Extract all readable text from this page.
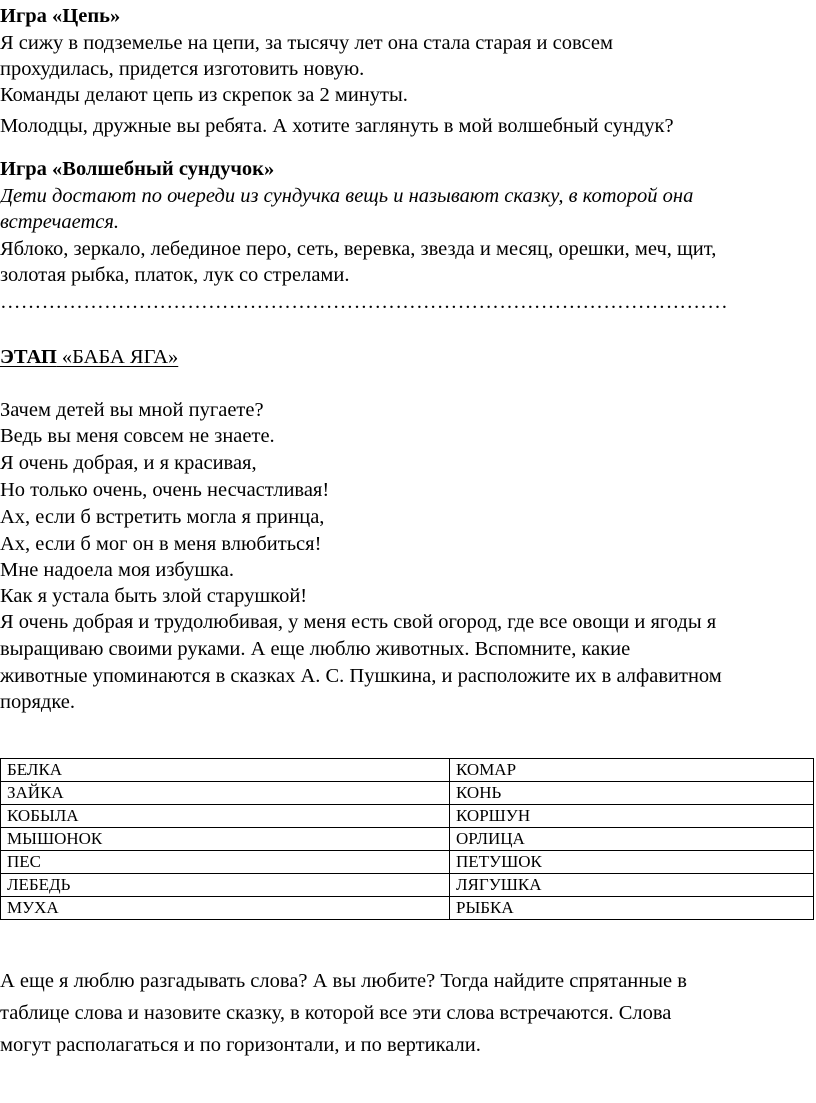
Игра «Цепь»
Я сижу в подземелье на цепи, за тысячу лет она стала старая и совсем
прохудилась, придется изготовить новую.
Команды делают цепь из скрепок за 2 минуты.
Молодцы, дружные вы ребята. А хотите заглянуть в мой волшебный сундук?
Игра «Волшебный сундучок»
Дети достают по очереди из сундучка вещь и называют сказку, в которой она
встречается.
Яблоко, зеркало, лебединое перо, сеть, веревка, звезда и месяц, орешки, меч, щит,
золотая рыбка, платок, лук со стрелами.
……………………………………………………………………………………………
ЭТАП «БАБА ЯГА»
Зачем детей вы мной пугаете?
Ведь вы меня совсем не знаете.
Я очень добрая, и я красивая,
Но только очень, очень несчастливая!
Ах, если б встретить могла я принца,
Ах, если б мог он в меня влюбиться!
Мне надоела моя избушка.
Как я устала быть злой старушкой!
Я очень добрая и трудолюбивая, у меня есть свой огород, где все овощи и ягоды я
выращиваю своими руками. А еще люблю животных. Вспомните, какие
животные упоминаются в сказках А. С. Пушкина, и расположите их в алфавитном
порядке.
БЕЛКА	КОМАР
ЗАЙКА	КОНЬ
КОБЫЛА	КОРШУН
МЫШОНОК	ОРЛИЦА
ПЕС	ПЕТУШОК
ЛЕБЕДЬ	ЛЯГУШКА
МУХА	РЫБКА
А еще я люблю разгадывать слова? А вы любите? Тогда найдите спрятанные в
таблице слова и назовите сказку, в которой все эти слова встречаются. Слова
могут располагаться и по горизонтали, и по вертикали.
